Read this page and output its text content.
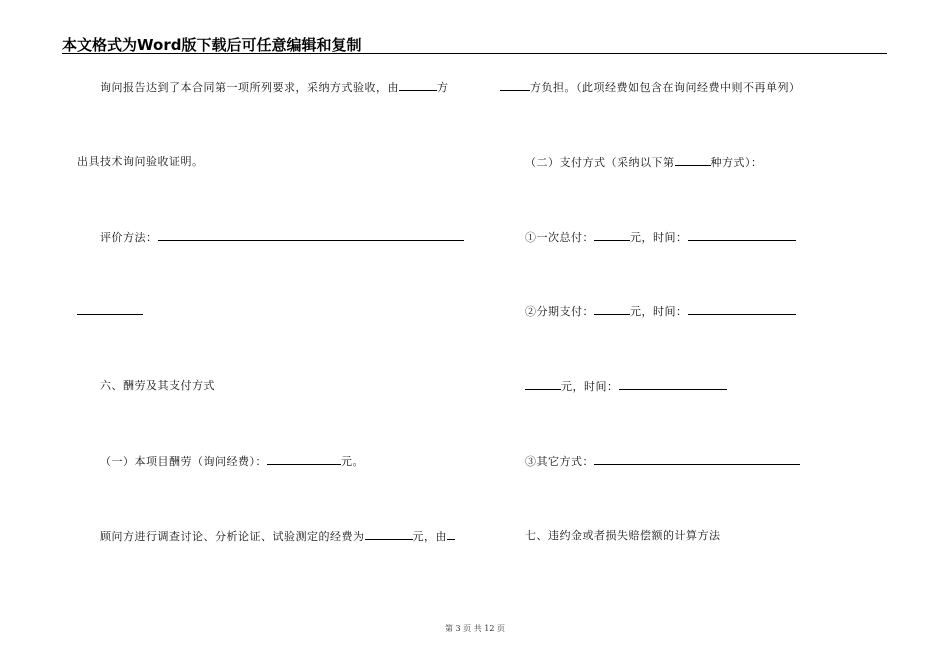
本文格式为Word版下载后可任意编辑和复制
询问报告达到了本合同第一项所列要求，采纳方式验收，由	方
出具技术询问验收证明。
评价方法：
六、酬劳及其支付方式
（一）本项目酬劳（询问经费）：	元。
顾问方进行调查讨论、分析论证、试验测定的经费为	元，由
方负担。（此项经费如包含在询问经费中则不再单列）
（二）支付方式（采纳以下第	种方式）：
①一次总付：	元，时间：
②分期支付：	元，时间：
元，时间：
③其它方式：
七、违约金或者损失赔偿额的计算方法
第 3 页 共 12 页
